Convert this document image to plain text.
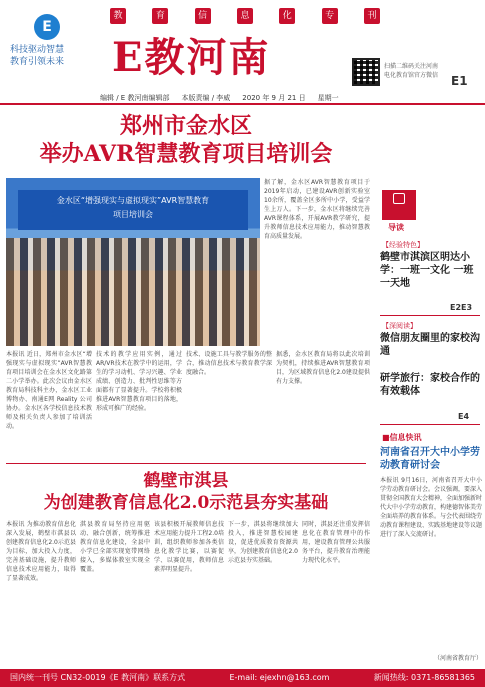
教	育	信	息	化	专	刊
E
科技驱动智慧
教育引领未来	E教河南	扫描二维码关注河南
电化教育馆官方微信	E1
编辑 / E 教河南编辑部 本版责编 / 李威 2020 年 9 月 21 日 星期一
郑州市金水区
举办AVR智慧教育项目培训会
金水区“增强现实与虚拟现实”AVR智慧教育
项目培训会
据了解，金水区AVR智慧教育项目于2019年启动，已建设AVR创新实验室10余所，覆盖全区多所中小学，受益学生上万人。下一步，金水区将继续完善AVR课程体系，开展AVR教学研究，提升教师信息技术应用能力，推动智慧教育高质量发展。
本报讯 近日，郑州市金水区“增强现实与虚拟现实”AVR智慧教育项目培训会在金水区文化路第二小学举办。此次会议由金水区教育局科技科主办，金水区工业博物办、南通E网 Reality 公司协办。金水区各学校信息技术教师及相关负责人参加了培训活动。
技术的教学应用实例，通过AR/VR技术在教学中的运用，学生的学习动机、学习兴趣、学业成绩、创造力、批判性思维等方面都有了显著提升。学校将积极推进AVR智慧教育项目的落地，形成可推广的经验。
技术、设施工具与教学服务的整合，推动信息技术与教育教学深度融合。
据悉，金水区教育局将以此次培训为契机，持续推进AVR智慧教育项目，为区域教育信息化2.0建设提供有力支撑。
鹤壁市淇县
为创建教育信息化2.0示范县夯实基础
本报讯 为推动教育信息化深入发展，鹤壁市淇县以创建教育信息化2.0示范县为目标，加大投入力度，完善基础设施，提升教师信息技术应用能力，取得了显著成效。
淇县教育局坚持应用驱动、融合创新，统筹推进教育信息化建设，全县中小学已全部实现宽带网络接入，多媒体教室实现全覆盖。
该县积极开展教师信息技术应用能力提升工程2.0培训，组织教师参加各类信息化教学比赛，以赛促学、以赛促用，教师信息素养明显提升。
下一步，淇县将继续加大投入，推进智慧校园建设，促进优质教育资源共享，为创建教育信息化2.0示范县夯实基础。
同时，淇县还注重发挥信息化在教育管理中的作用，建设教育管理公共服务平台，提升教育治理能力现代化水平。
导读
【经验特色】
鹤壁市淇滨区明达小学：一班一文化 一班一天地
E2E3
【深阅读】
微信朋友圈里的家校沟通
研学旅行：家校合作的有效载体
E4
■信息快讯
河南省召开大中小学劳动教育研讨会
本报讯 9月16日，河南省召开大中小学劳动教育研讨会。会议强调，要深入贯彻全国教育大会精神，全面加强新时代大中小学劳动教育，构建德智体美劳全面培养的教育体系。与会代表围绕劳动教育课程建设、实践基地建设等议题进行了深入交流研讨。
（河南省教育厅）
国内统一刊号 CN32-0019《E 教河南》联系方式	E-mail: ejexhn@163.com	新闻热线: 0371-86581365
